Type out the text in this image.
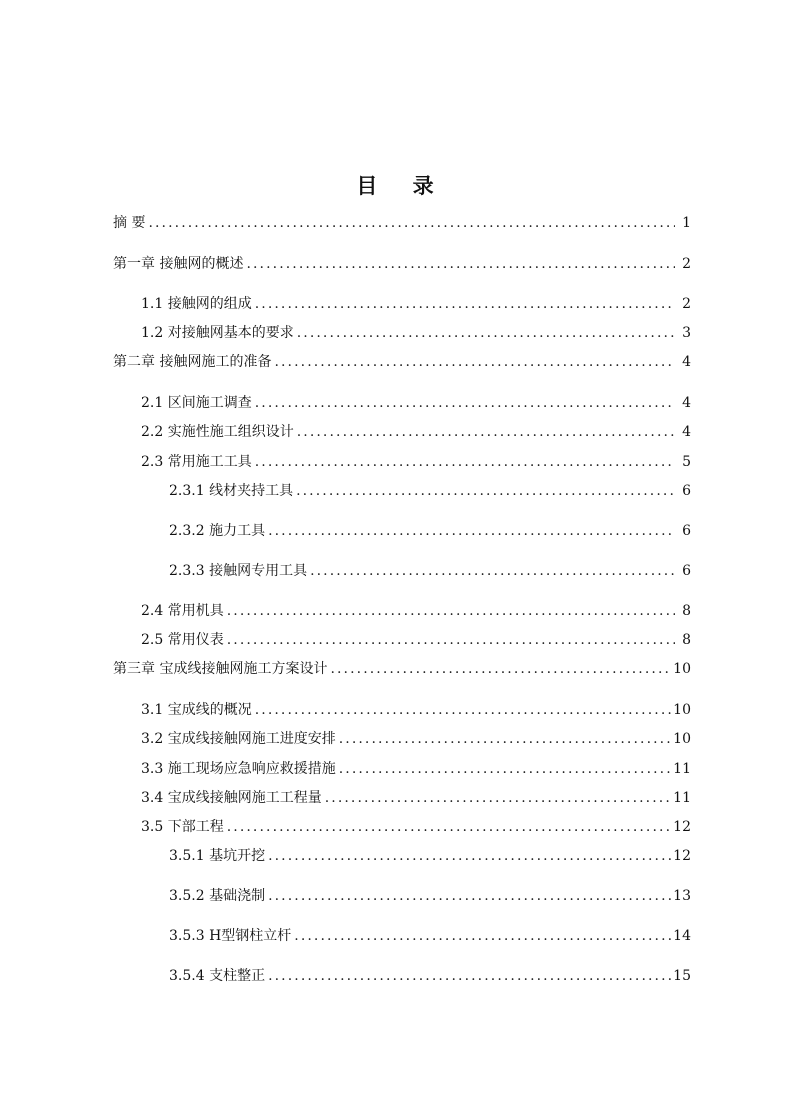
目 录
摘 要 .....	1
第一章 接触网的概述 .....	2
1.1 接触网的组成 .....	2
1.2 对接触网基本的要求 .....	3
第二章 接触网施工的准备 .....	4
2.1 区间施工调查 .....	4
2.2 实施性施工组织设计 .....	4
2.3 常用施工工具 .....	5
2.3.1 线材夹持工具 .....	6
2.3.2 施力工具 .....	6
2.3.3 接触网专用工具 .....	6
2.4 常用机具 .....	8
2.5 常用仪表 .....	8
第三章 宝成线接触网施工方案设计 .....	10
3.1 宝成线的概况 .....	10
3.2 宝成线接触网施工进度安排 .....	10
3.3 施工现场应急响应救援措施 .....	11
3.4 宝成线接触网施工工程量 .....	11
3.5 下部工程 .....	12
3.5.1 基坑开挖 .....	12
3.5.2 基础浇制 .....	13
3.5.3 H型钢柱立杆 .....	14
3.5.4 支柱整正 .....	15
